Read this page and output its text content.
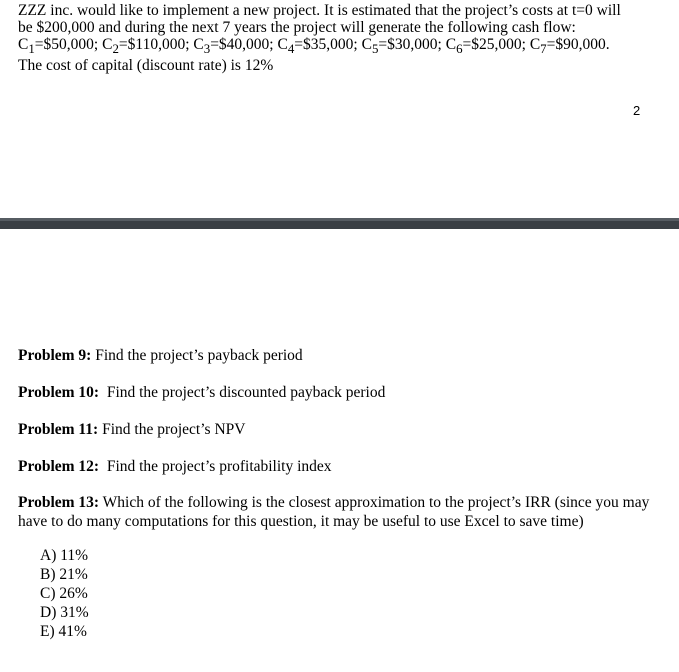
ZZZ inc. would like to implement a new project. It is estimated that the project’s costs at t=0 will

be $200,000 and during the next 7 years the project will generate the following cash flow:

$C_1=\$50,000$; $C_2=\$110,000$; $C_3=\$40,000$; $C_4=\$35,000$; $C_5=\$30,000$; $C_6=\$25,000$; $C_7=\$90,000$.

The cost of capital (discount rate) is 12%

2
Problem 9: Find the project’s payback period
Problem 10:  Find the project’s discounted payback period
Problem 11: Find the project’s NPV
Problem 12:  Find the project’s profitability index
Problem 13: Which of the following is the closest approximation to the project’s IRR (since you may have to do many computations for this question, it may be useful to use Excel to save time)
A) 11%
B) 21%
C) 26%
D) 31%
E) 41%
